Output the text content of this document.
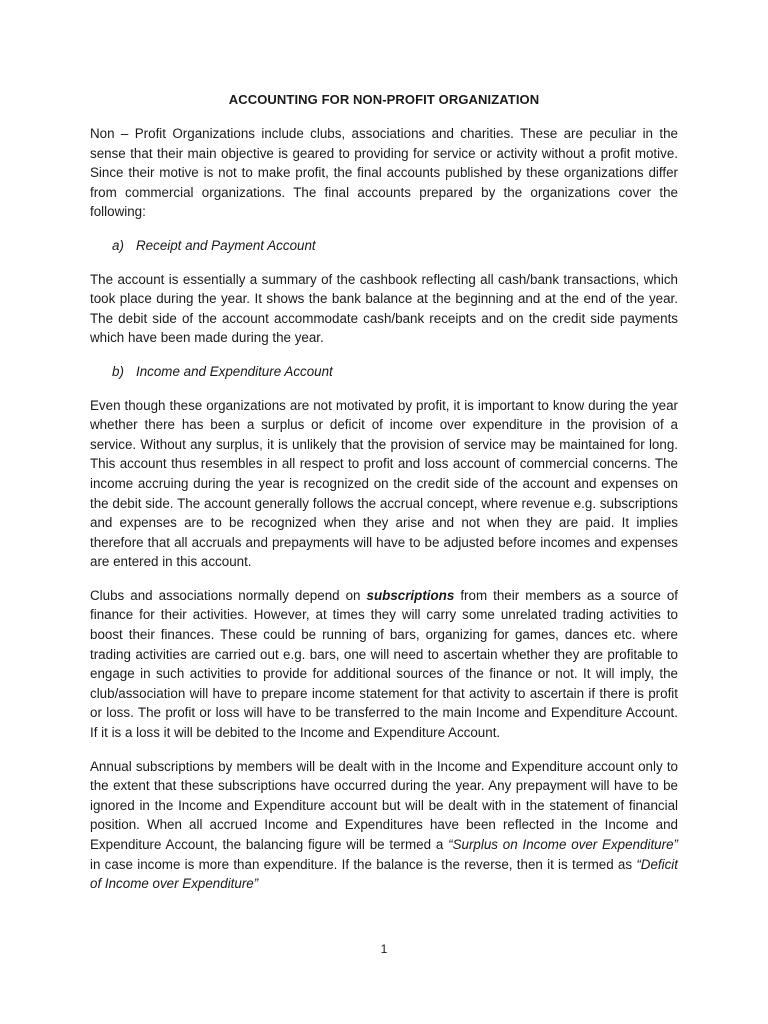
ACCOUNTING FOR NON-PROFIT ORGANIZATION

Non – Profit Organizations include clubs, associations and charities. These are peculiar in the sense that their main objective is geared to providing for service or activity without a profit motive. Since their motive is not to make profit, the final accounts published by these organizations differ from commercial organizations. The final accounts prepared by the organizations cover the following:

a) Receipt and Payment Account

The account is essentially a summary of the cashbook reflecting all cash/bank transactions, which took place during the year. It shows the bank balance at the beginning and at the end of the year. The debit side of the account accommodate cash/bank receipts and on the credit side payments which have been made during the year.

b) Income and Expenditure Account

Even though these organizations are not motivated by profit, it is important to know during the year whether there has been a surplus or deficit of income over expenditure in the provision of a service. Without any surplus, it is unlikely that the provision of service may be maintained for long. This account thus resembles in all respect to profit and loss account of commercial concerns. The income accruing during the year is recognized on the credit side of the account and expenses on the debit side. The account generally follows the accrual concept, where revenue e.g. subscriptions and expenses are to be recognized when they arise and not when they are paid. It implies therefore that all accruals and prepayments will have to be adjusted before incomes and expenses are entered in this account.

Clubs and associations normally depend on subscriptions from their members as a source of finance for their activities. However, at times they will carry some unrelated trading activities to boost their finances. These could be running of bars, organizing for games, dances etc. where trading activities are carried out e.g. bars, one will need to ascertain whether they are profitable to engage in such activities to provide for additional sources of the finance or not. It will imply, the club/association will have to prepare income statement for that activity to ascertain if there is profit or loss. The profit or loss will have to be transferred to the main Income and Expenditure Account. If it is a loss it will be debited to the Income and Expenditure Account.

Annual subscriptions by members will be dealt with in the Income and Expenditure account only to the extent that these subscriptions have occurred during the year. Any prepayment will have to be ignored in the Income and Expenditure account but will be dealt with in the statement of financial position. When all accrued Income and Expenditures have been reflected in the Income and Expenditure Account, the balancing figure will be termed a “Surplus on Income over Expenditure” in case income is more than expenditure. If the balance is the reverse, then it is termed as “Deficit of Income over Expenditure”

1
